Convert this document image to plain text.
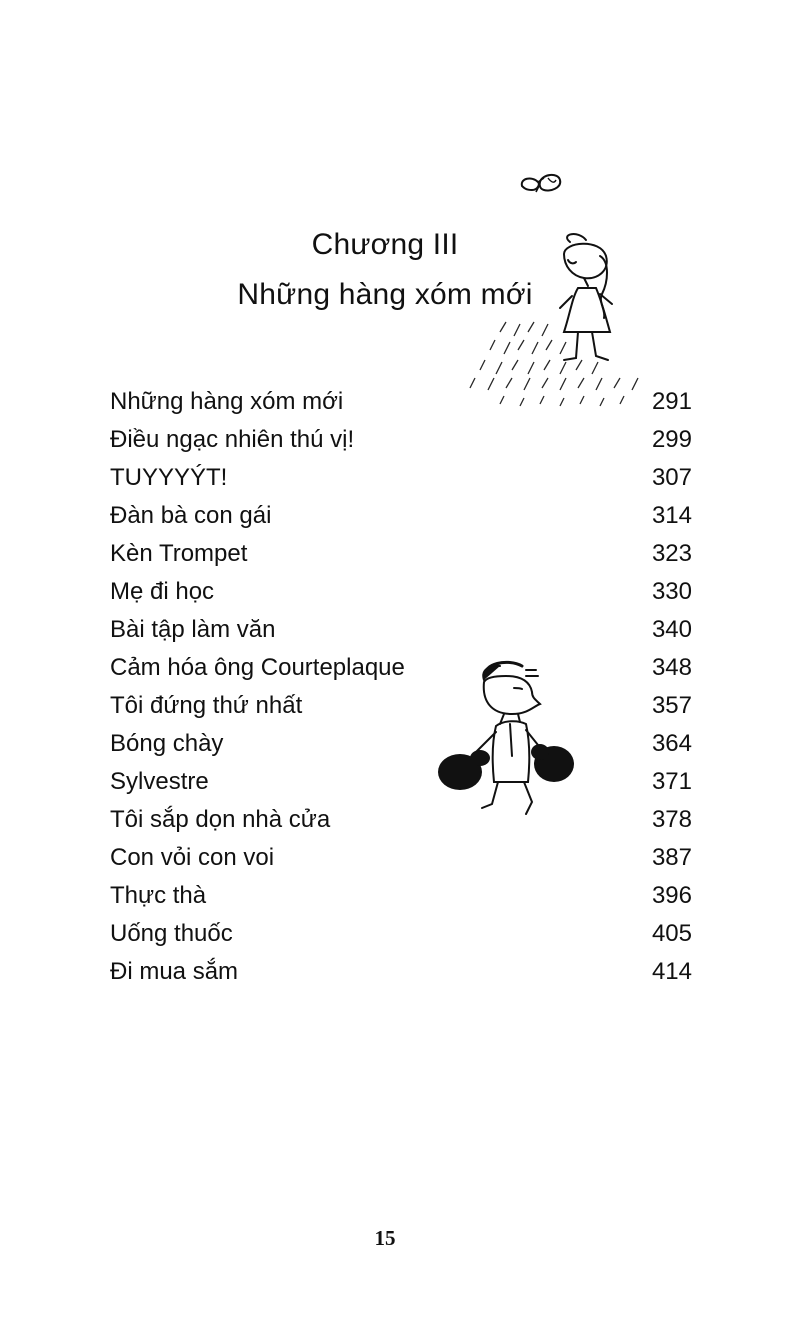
Chương III
Những hàng xóm mới
Những hàng xóm mới	291
Điều ngạc nhiên thú vị!	299
TUYYYÝT!	307
Đàn bà con gái	314
Kèn Trompet	323
Mẹ đi học	330
Bài tập làm văn	340
Cảm hóa ông Courteplaque	348
Tôi đứng thứ nhất	357
Bóng chày	364
Sylvestre	371
Tôi sắp dọn nhà cửa	378
Con vỏi con voi	387
Thực thà	396
Uống thuốc	405
Đi mua sắm	414
15
